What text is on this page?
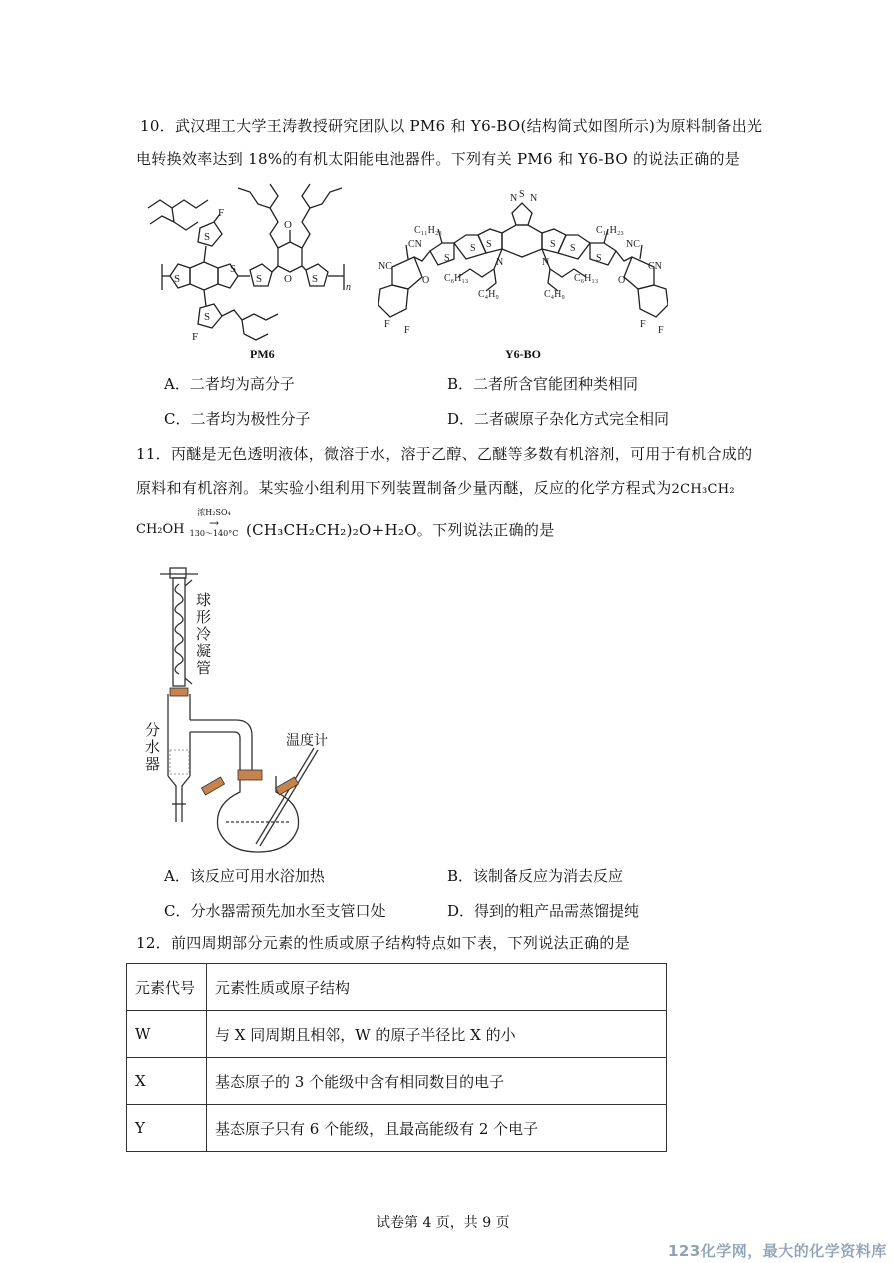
10．武汉理工大学王涛教授研究团队以 PM6 和 Y6-BO(结构简式如图所示)为原料制备出光
电转换效率达到 18%的有机太阳能电池器件。下列有关 PM6 和 Y6-BO 的说法正确的是
F
S
S
S	S	S
O
O
S
F
n
PM6
N S N
C₁₁H₂₃	C₁₁H₂₃
CN	NC
NC	CN
S
S S	S S
S
N	N
C₆H₁₃	C₆H₁₃
C₄H₉	C₄H₉
O	O
F
F
F
F
Y6-BO
A．二者均为高分子	B．二者所含官能团种类相同
C．二者均为极性分子	D．二者碳原子杂化方式完全相同
11．丙醚是无色透明液体，微溶于水，溶于乙醇、乙醚等多数有机溶剂，可用于有机合成的
原料和有机溶剂。某实验小组利用下列装置制备少量丙醚，反应的化学方程式为2CH₃CH₂
CH₂OH
浓H₂SO₄
→
130～140°C (CH₃CH₂CH₂)₂O+H₂O。下列说法正确的是
球
形
冷
凝
管
分
水
器
温度计
A．该反应可用水浴加热	B．该制备反应为消去反应
C．分水器需预先加水至支管口处	D．得到的粗产品需蒸馏提纯
12．前四周期部分元素的性质或原子结构特点如下表，下列说法正确的是
元素代号	元素性质或原子结构
W	与 X 同周期且相邻，W 的原子半径比 X 的小
X	基态原子的 3 个能级中含有相同数目的电子
Y	基态原子只有 6 个能级，且最高能级有 2 个电子
试卷第 4 页，共 9 页
123化学网，最大的化学资料库
